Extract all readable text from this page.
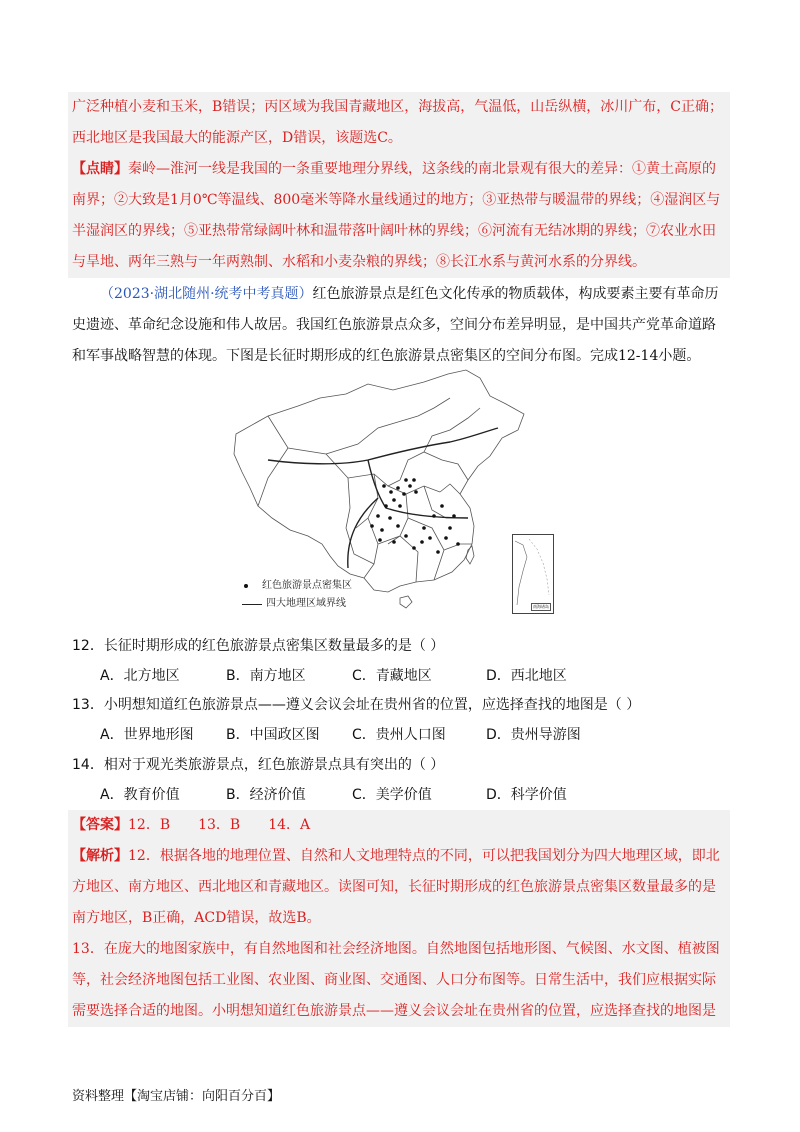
广泛种植小麦和玉米，B错误；丙区域为我国青藏地区，海拔高，气温低，山岳纵横，冰川广布，C正确；

西北地区是我国最大的能源产区，D错误，该题选C。

【点睛】秦岭—淮河一线是我国的一条重要地理分界线，这条线的南北景观有很大的差异：①黄土高原的

南界；②大致是1月0℃等温线、800毫米等降水量线通过的地方；③亚热带与暖温带的界线；④湿润区与

半湿润区的界线；⑤亚热带常绿阔叶林和温带落叶阔叶林的界线；⑥河流有无结冰期的界线；⑦农业水田

与旱地、两年三熟与一年两熟制、水稻和小麦杂粮的界线；⑧长江水系与黄河水系的分界线。

（2023·湖北随州·统考中考真题）红色旅游景点是红色文化传承的物质载体，构成要素主要有革命历

史遗迹、革命纪念设施和伟人故居。我国红色旅游景点众多，空间分布差异明显，是中国共产党革命道路

和军事战略智慧的体现。下图是长征时期形成的红色旅游景点密集区的空间分布图。完成12-14小题。

南海诸岛
红色旅游景点密集区
四大地理区域界线

12．长征时期形成的红色旅游景点密集区数量最多的是（ ）

A．北方地区	B．南方地区	C．青藏地区	D．西北地区

13．小明想知道红色旅游景点——遵义会议会址在贵州省的位置，应选择查找的地图是（ ）

A．世界地形图	B．中国政区图	C．贵州人口图	D．贵州导游图

14．相对于观光类旅游景点，红色旅游景点具有突出的（ ）

A．教育价值	B．经济价值	C．美学价值	D．科学价值

【答案】12．B　　13．B　　14．A

【解析】12．根据各地的地理位置、自然和人文地理特点的不同，可以把我国划分为四大地理区域，即北

方地区、南方地区、西北地区和青藏地区。读图可知，长征时期形成的红色旅游景点密集区数量最多的是

南方地区，B正确，ACD错误，故选B。

13．在庞大的地图家族中，有自然地图和社会经济地图。自然地图包括地形图、气候图、水文图、植被图

等，社会经济地图包括工业图、农业图、商业图、交通图、人口分布图等。日常生活中，我们应根据实际

需要选择合适的地图。小明想知道红色旅游景点——遵义会议会址在贵州省的位置，应选择查找的地图是

资料整理【淘宝店铺：向阳百分百】
